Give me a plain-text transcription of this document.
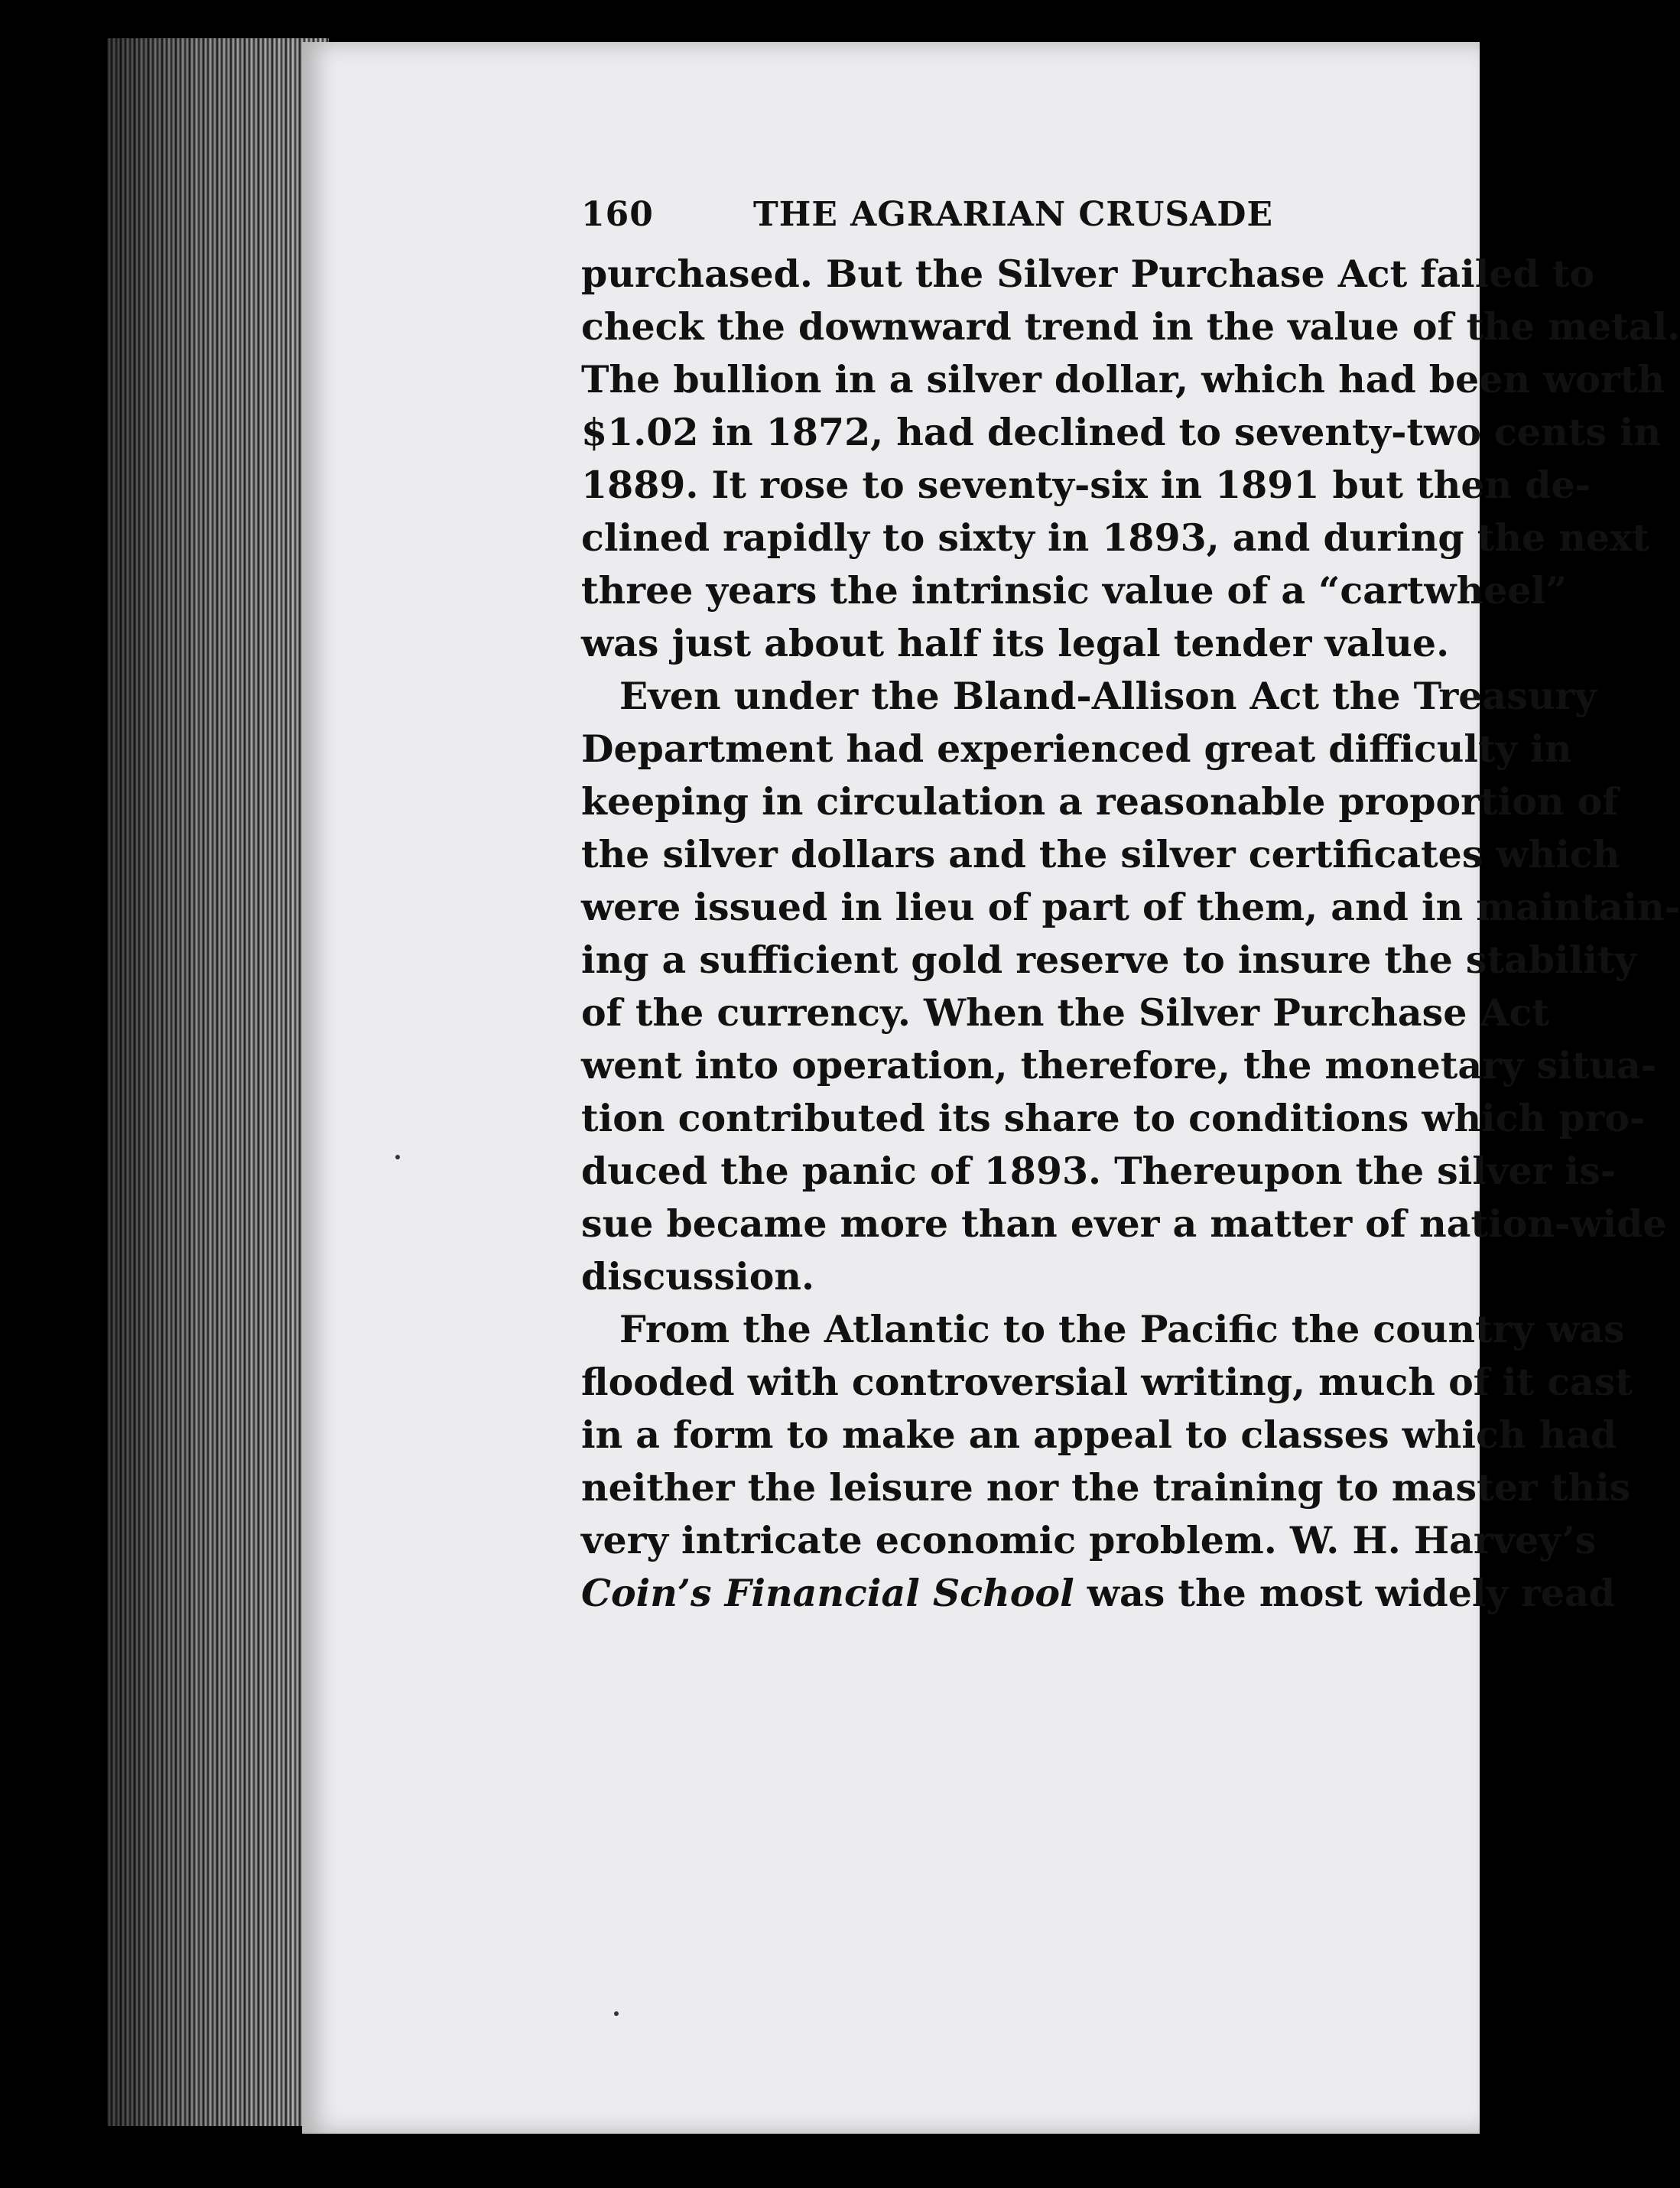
160	THE AGRARIAN CRUSADE

purchased. But the Silver Purchase Act failed to
check the downward trend in the value of the metal.
The bullion in a silver dollar, which had been worth
$1.02 in 1872, had declined to seventy-two cents in
1889. It rose to seventy-six in 1891 but then de-
clined rapidly to sixty in 1893, and during the next
three years the intrinsic value of a “cartwheel”
was just about half its legal tender value.

Even under the Bland-Allison Act the Treasury
Department had experienced great difficulty in
keeping in circulation a reasonable proportion of
the silver dollars and the silver certificates which
were issued in lieu of part of them, and in maintain-
ing a sufficient gold reserve to insure the stability
of the currency. When the Silver Purchase Act
went into operation, therefore, the monetary situa-
tion contributed its share to conditions which pro-
duced the panic of 1893. Thereupon the silver is-
sue became more than ever a matter of nation-wide
discussion.

From the Atlantic to the Pacific the country was
flooded with controversial writing, much of it cast
in a form to make an appeal to classes which had
neither the leisure nor the training to master this
very intricate economic problem. W. H. Harvey’s
Coin’s Financial School was the most widely read
